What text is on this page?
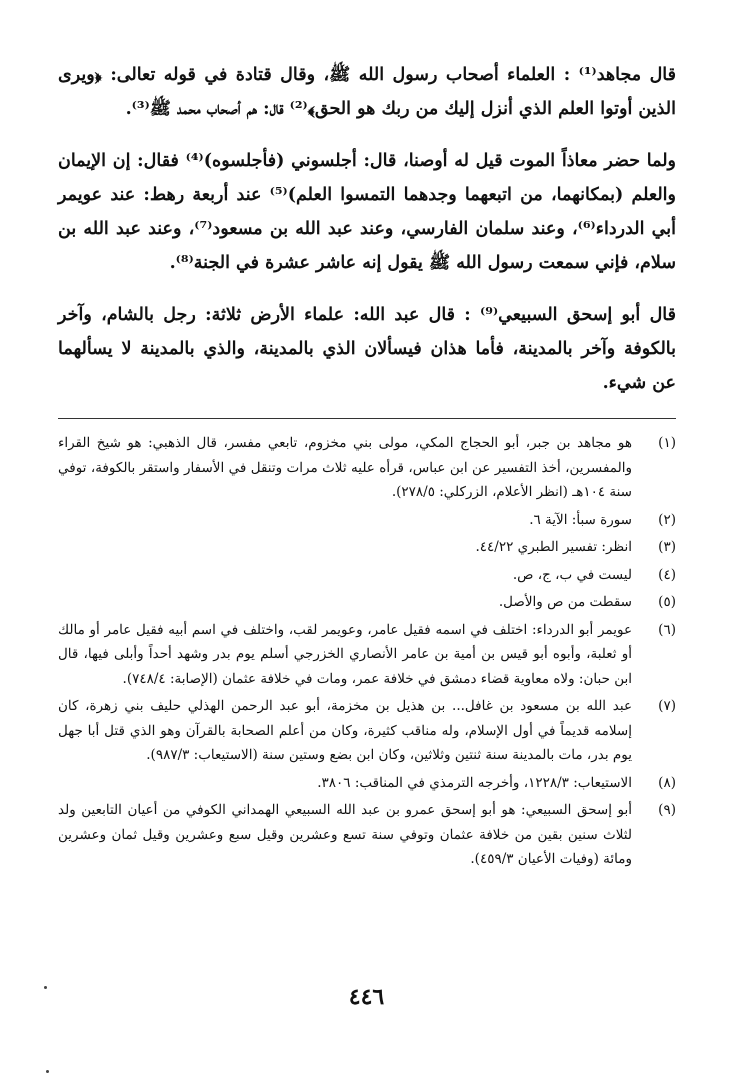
قال مجاهد⁽¹⁾ : العلماء أصحاب رسول الله ﷺ، وقال قتادة في قوله تعالى: ﴿ويرى الذين أوتوا العلم الذي أنزل إليك من ربك هو الحق﴾⁽²⁾ قال: هم أصحاب محمد ﷺ⁽³⁾.

ولما حضر معاذاً الموت قيل له أوصنا، قال: أجلسوني (فأجلسوه)⁽⁴⁾ فقال: إن الإيمان والعلم (بمكانهما، من اتبعهما وجدهما التمسوا العلم)⁽⁵⁾ عند أربعة رهط: عند عويمر أبي الدرداء⁽⁶⁾، وعند سلمان الفارسي، وعند عبد الله بن مسعود⁽⁷⁾، وعند عبد الله بن سلام، فإني سمعت رسول الله ﷺ يقول إنه عاشر عشرة في الجنة⁽⁸⁾.

قال أبو إسحق السبيعي⁽⁹⁾ : قال عبد الله: علماء الأرض ثلاثة: رجل بالشام، وآخر بالكوفة وآخر بالمدينة، فأما هذان فيسألان الذي بالمدينة، والذي بالمدينة لا يسألهما عن شيء.

(١)
هو مجاهد بن جبر، أبو الحجاج المكي، مولى بني مخزوم، تابعي مفسر، قال الذهبي: هو شيخ القراء والمفسرين، أخذ التفسير عن ابن عباس، قرأه عليه ثلاث مرات وتنقل في الأسفار واستقر بالكوفة، توفي سنة ١٠٤هـ (انظر الأعلام، الزركلي: ٢٧٨/٥).
(٢)
سورة سبأ: الآية ٦.
(٣)
انظر: تفسير الطبري ٤٤/٢٢.
(٤)
ليست في ب، ج، ص.
(٥)
سقطت من ص والأصل.
(٦)
عويمر أبو الدرداء: اختلف في اسمه فقيل عامر، وعويمر لقب، واختلف في اسم أبيه فقيل عامر أو مالك أو ثعلبة، وأبوه أبو قيس بن أمية بن عامر الأنصاري الخزرجي أسلم يوم بدر وشهد أحداً وأبلى فيها، قال ابن حبان: ولاه معاوية قضاء دمشق في خلافة عمر، ومات في خلافة عثمان (الإصابة: ٧٤٨/٤).
(٧)
عبد الله بن مسعود بن غافل... بن هذيل بن مخزمة، أبو عبد الرحمن الهذلي حليف بني زهرة، كان إسلامه قديماً في أول الإسلام، وله مناقب كثيرة، وكان من أعلم الصحابة بالقرآن وهو الذي قتل أبا جهل يوم بدر، مات بالمدينة سنة ثنتين وثلاثين، وكان ابن بضع وستين سنة (الاستيعاب: ٩٨٧/٣).
(٨)
الاستيعاب: ١٢٢٨/٣، وأخرجه الترمذي في المناقب: ٣٨٠٦.
(٩)
أبو إسحق السبيعي: هو أبو إسحق عمرو بن عبد الله السبيعي الهمداني الكوفي من أعيان التابعين ولد لثلاث سنين بقين من خلافة عثمان وتوفي سنة تسع وعشرين وقيل سبع وعشرين وقيل ثمان وعشرين ومائة (وفيات الأعيان ٤٥٩/٣).
٤٤٦
